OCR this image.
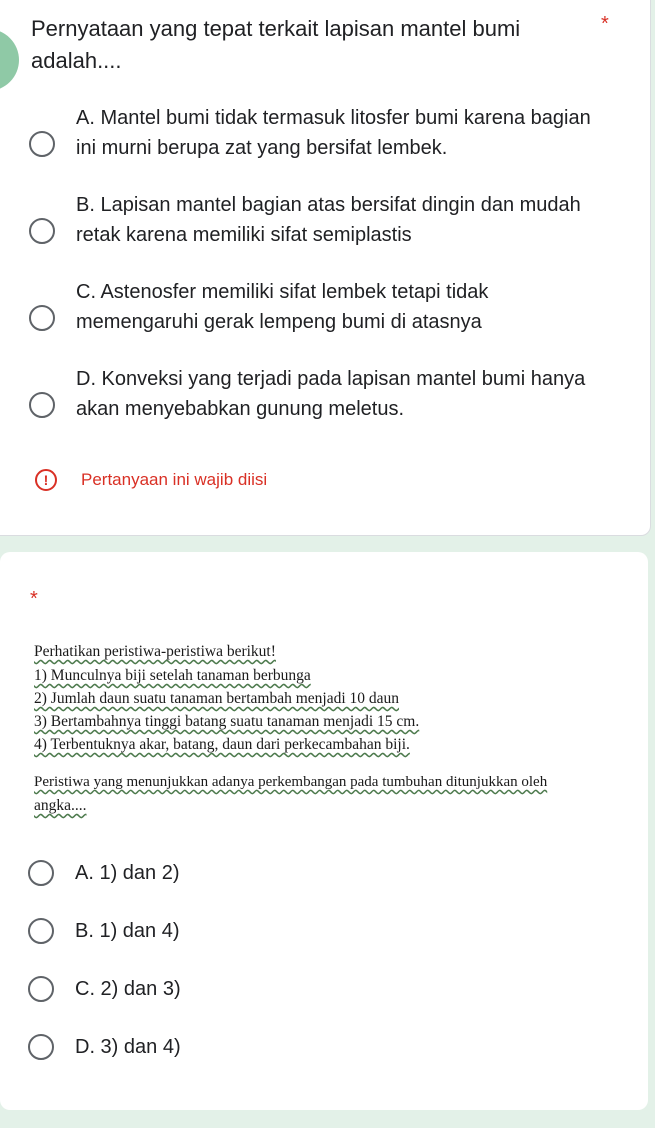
Pernyataan yang tepat terkait lapisan mantel bumi adalah....
*
A. Mantel bumi tidak termasuk litosfer bumi karena bagian ini murni berupa zat yang bersifat lembek.
B. Lapisan mantel bagian atas bersifat dingin dan mudah retak karena memiliki sifat semiplastis
C. Astenosfer memiliki sifat lembek tetapi tidak memengaruhi gerak lempeng bumi di atasnya
D. Konveksi yang terjadi pada lapisan mantel bumi hanya akan menyebabkan gunung meletus.
!	Pertanyaan ini wajib diisi
*
Perhatikan peristiwa-peristiwa berikut!
1) Munculnya biji setelah tanaman berbunga
2) Jumlah daun suatu tanaman bertambah menjadi 10 daun
3) Bertambahnya tinggi batang suatu tanaman menjadi 15 cm.
4) Terbentuknya akar, batang, daun dari perkecambahan biji.
Peristiwa yang menunjukkan adanya perkembangan pada tumbuhan ditunjukkan oleh
angka....
A. 1) dan 2)
B. 1) dan 4)
C. 2) dan 3)
D. 3) dan 4)
